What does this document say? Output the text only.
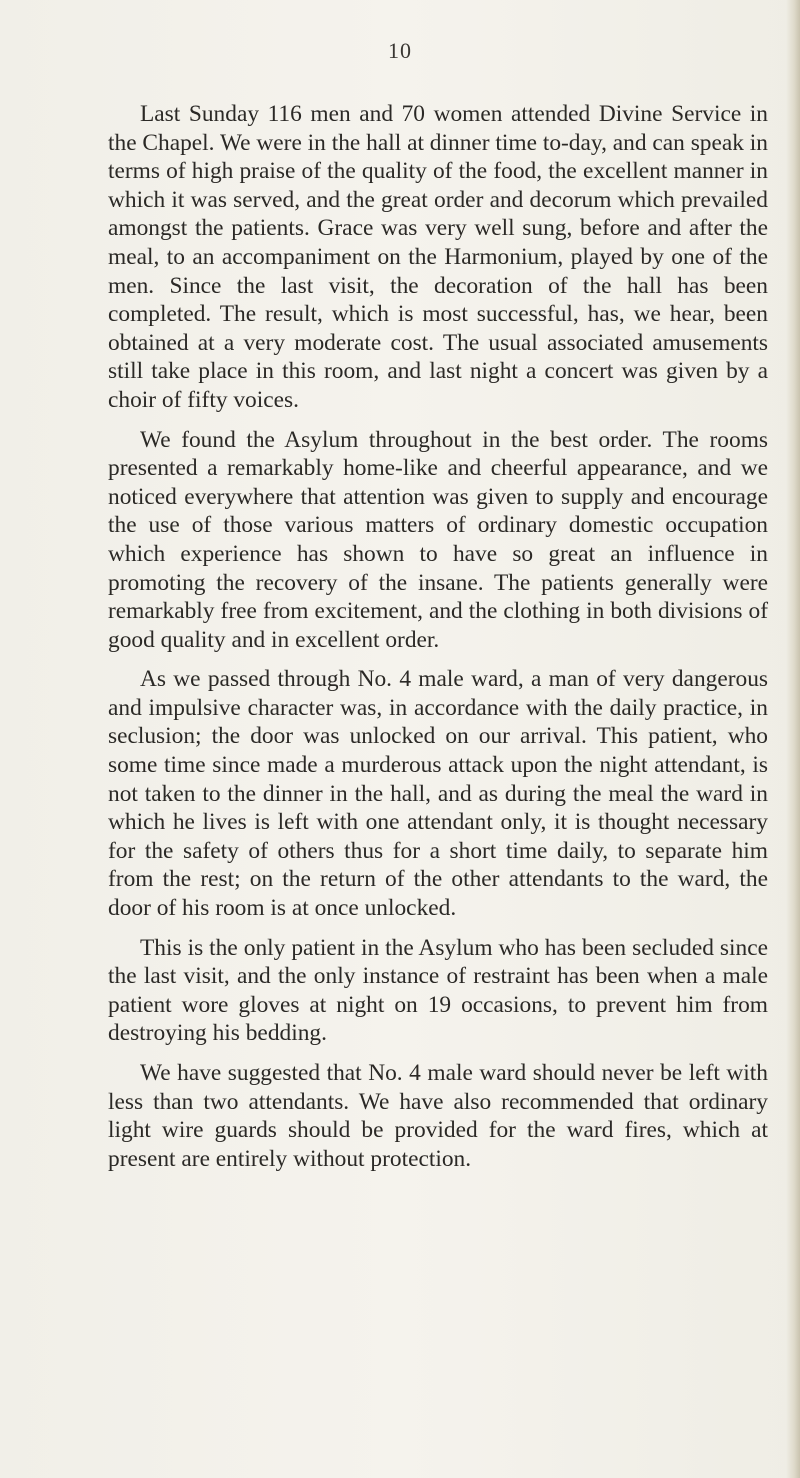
10

Last Sunday 116 men and 70 women attended Divine Service in the Chapel. We were in the hall at dinner time to-day, and can speak in terms of high praise of the quality of the food, the excellent manner in which it was served, and the great order and decorum which prevailed amongst the patients. Grace was very well sung, before and after the meal, to an accompaniment on the Harmonium, played by one of the men. Since the last visit, the decoration of the hall has been completed. The result, which is most successful, has, we hear, been obtained at a very moderate cost. The usual associated amusements still take place in this room, and last night a concert was given by a choir of fifty voices.

We found the Asylum throughout in the best order. The rooms presented a remarkably home-like and cheerful appearance, and we noticed everywhere that attention was given to supply and encourage the use of those various matters of ordinary domestic occupation which experience has shown to have so great an influence in promoting the recovery of the insane. The patients generally were remarkably free from excitement, and the clothing in both divisions of good quality and in excellent order.

As we passed through No. 4 male ward, a man of very dangerous and impulsive character was, in accordance with the daily practice, in seclusion; the door was unlocked on our arrival. This patient, who some time since made a murderous attack upon the night attendant, is not taken to the dinner in the hall, and as during the meal the ward in which he lives is left with one attendant only, it is thought necessary for the safety of others thus for a short time daily, to separate him from the rest; on the return of the other attendants to the ward, the door of his room is at once unlocked.

This is the only patient in the Asylum who has been secluded since the last visit, and the only instance of restraint has been when a male patient wore gloves at night on 19 occasions, to prevent him from destroying his bedding.

We have suggested that No. 4 male ward should never be left with less than two attendants. We have also recommended that ordinary light wire guards should be provided for the ward fires, which at present are entirely without protection.
